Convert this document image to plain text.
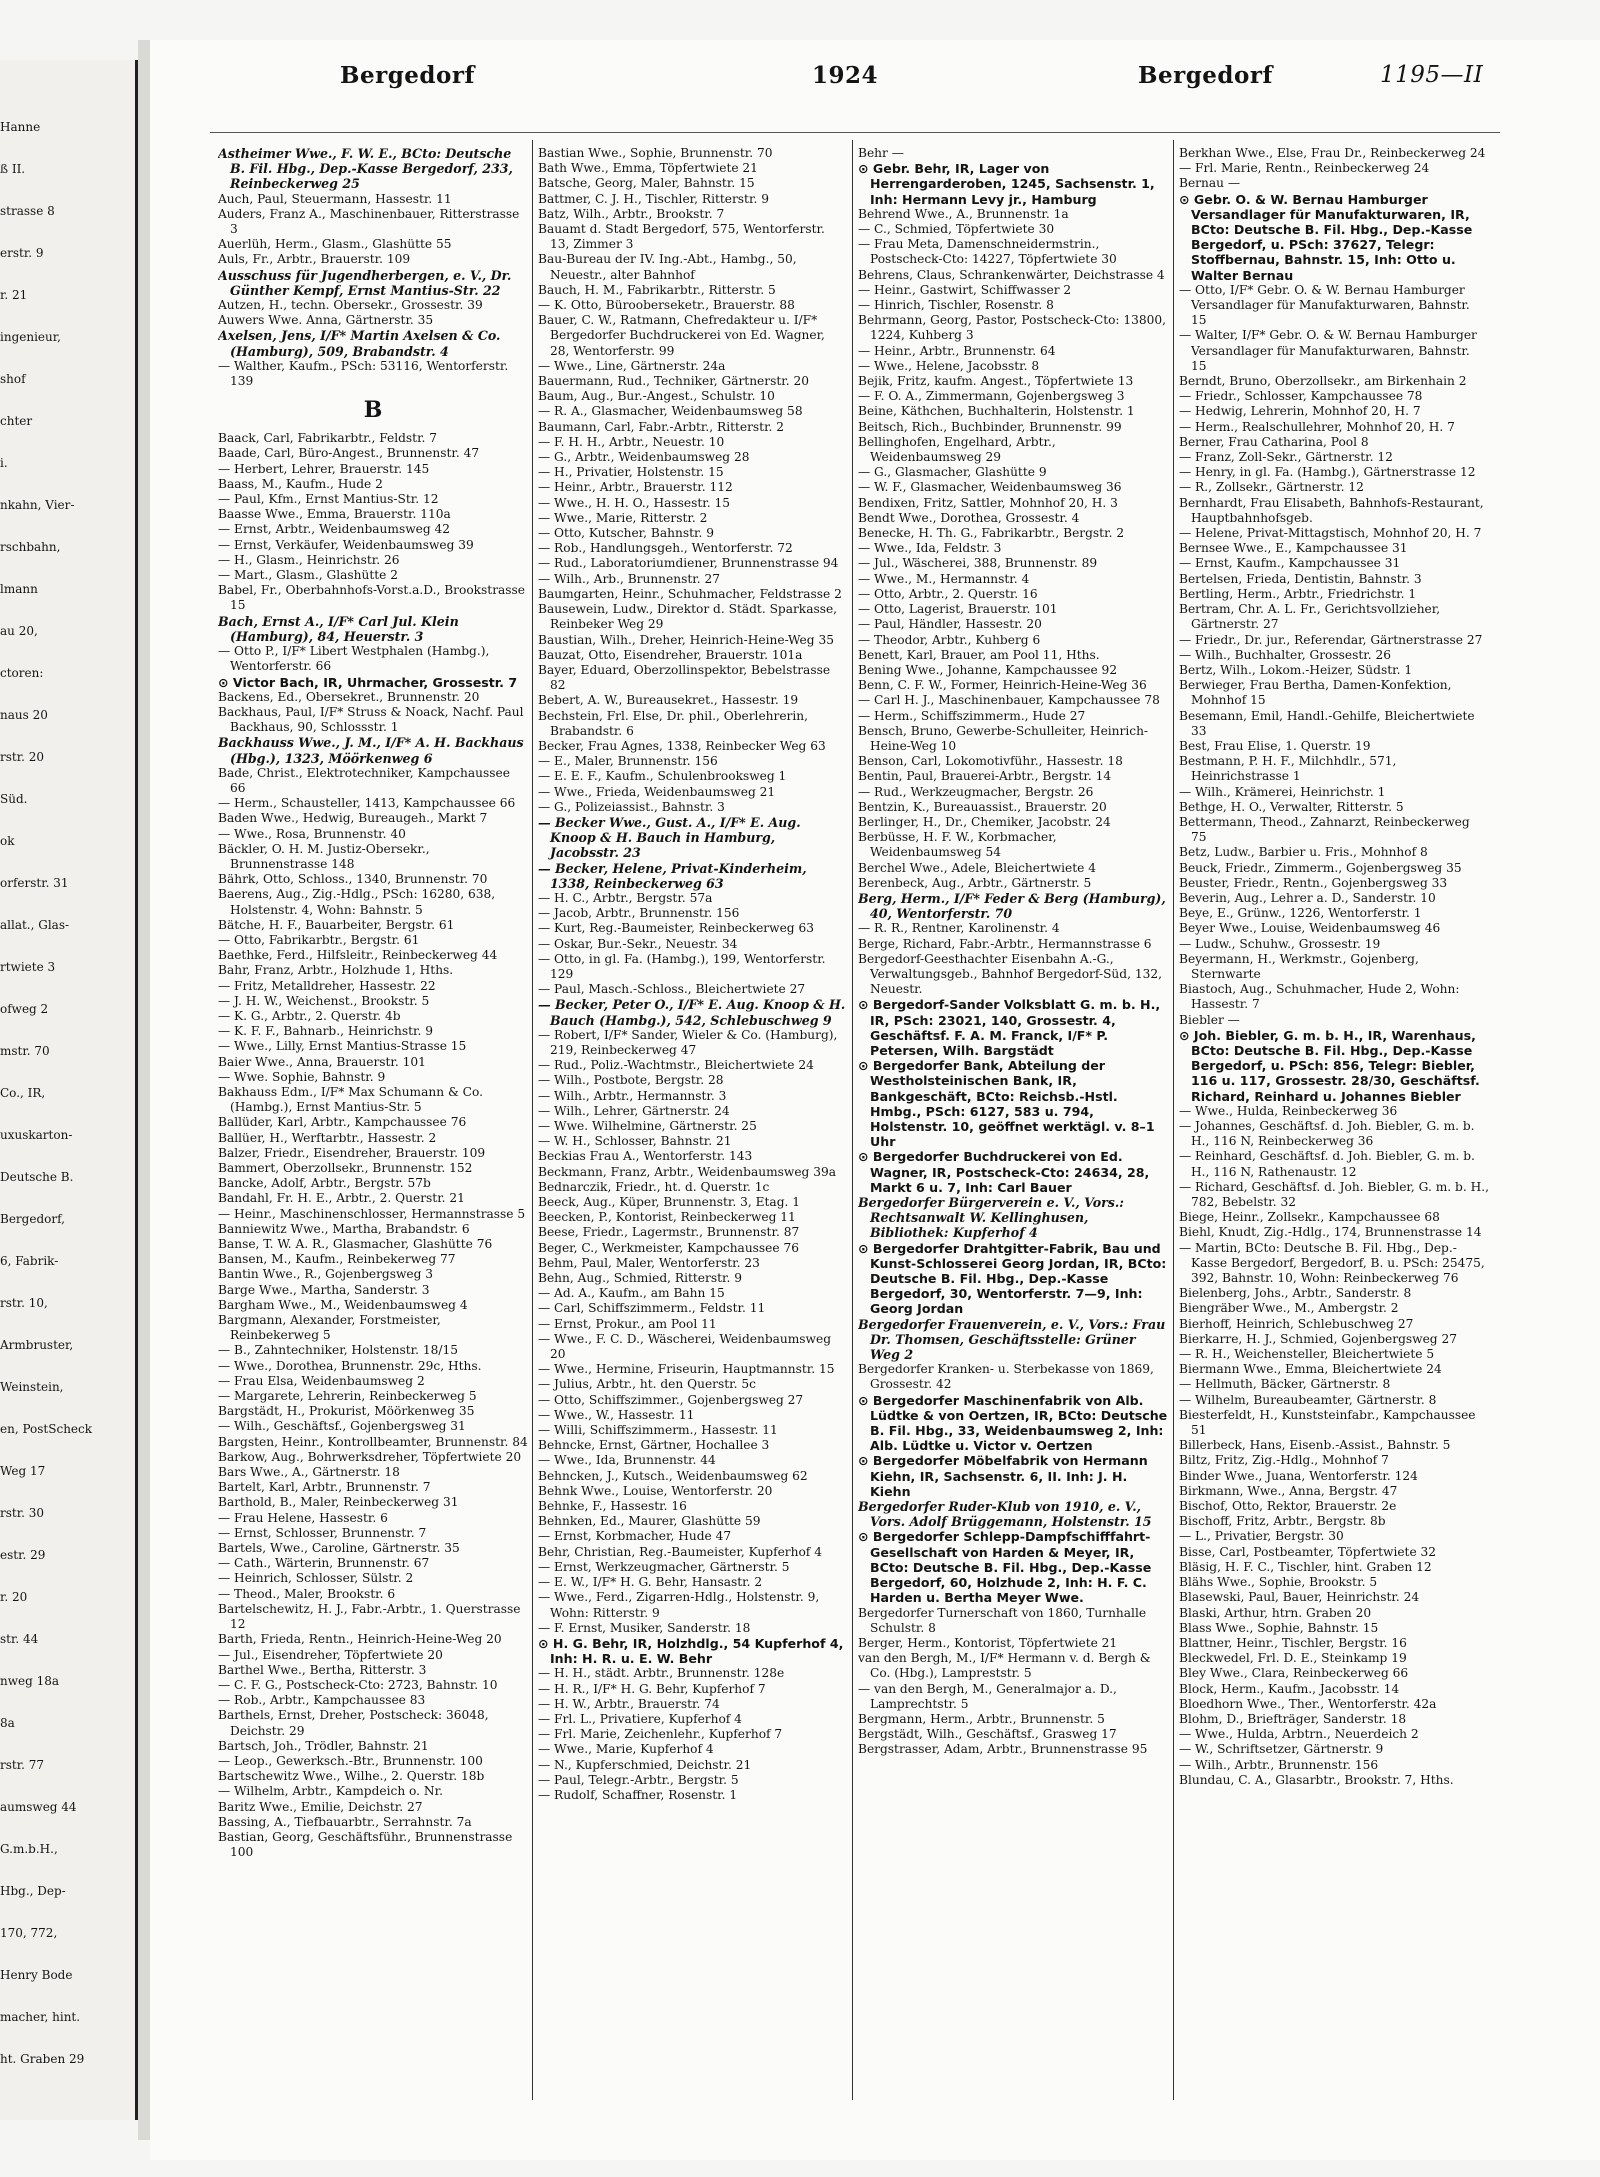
Hanne
ß II.
strasse 8
erstr. 9
r. 21
ingenieur,
shof
chter
i.
nkahn, Vier-
rschbahn,
lmann
au 20,
ctoren:
naus 20
rstr. 20
Süd.
ok
orferstr. 31
allat., Glas-
rtwiete 3
ofweg 2
mstr. 70
Co., IR,
uxuskarton-
Deutsche B.
Bergedorf,
6, Fabrik-
rstr. 10,
Armbruster,
Weinstein,
en, PostScheck
Weg 17
rstr. 30
estr. 29
r. 20
str. 44
nweg 18a
8a
rstr. 77
aumsweg 44
G.m.b.H.,
Hbg., Dep-
170, 772,
Henry Bode
macher, hint.
ht. Graben 29
Bergedorf	1924	Bergedorf	1195—II
Astheimer Wwe., F. W. E., BCto: Deutsche B. Fil. Hbg., Dep.-Kasse Bergedorf, 233, Reinbeckerweg 25
Auch, Paul, Steuermann, Hassestr. 11
Auders, Franz A., Maschinenbauer, Ritterstrasse 3
Auerlüh, Herm., Glasm., Glashütte 55
Auls, Fr., Arbtr., Brauerstr. 109
Ausschuss für Jugendherbergen, e. V., Dr. Günther Kempf, Ernst Mantius-Str. 22
Autzen, H., techn. Obersekr., Grossestr. 39
Auwers Wwe. Anna, Gärtnerstr. 35
Axelsen, Jens, I/F* Martin Axelsen & Co. (Hamburg), 509, Brabandstr. 4
— Walther, Kaufm., PSch: 53116, Wentorferstr. 139
B
Baack, Carl, Fabrikarbtr., Feldstr. 7
Baade, Carl, Büro-Angest., Brunnenstr. 47
— Herbert, Lehrer, Brauerstr. 145
Baass, M., Kaufm., Hude 2
— Paul, Kfm., Ernst Mantius-Str. 12
Baasse Wwe., Emma, Brauerstr. 110a
— Ernst, Arbtr., Weidenbaumsweg 42
— Ernst, Verkäufer, Weidenbaumsweg 39
— H., Glasm., Heinrichstr. 26
— Mart., Glasm., Glashütte 2
Babel, Fr., Oberbahnhofs-Vorst.a.D., Brookstrasse 15
Bach, Ernst A., I/F* Carl Jul. Klein (Hamburg), 84, Heuerstr. 3
— Otto P., I/F* Libert Westphalen (Hambg.), Wentorferstr. 66
⊙ Victor Bach, IR, Uhrmacher, Grossestr. 7
Backens, Ed., Obersekret., Brunnenstr. 20
Backhaus, Paul, I/F* Struss & Noack, Nachf. Paul Backhaus, 90, Schlossstr. 1
Backhauss Wwe., J. M., I/F* A. H. Backhaus (Hbg.), 1323, Möörkenweg 6
Bade, Christ., Elektrotechniker, Kampchaussee 66
— Herm., Schausteller, 1413, Kampchaussee 66
Baden Wwe., Hedwig, Bureaugeh., Markt 7
— Wwe., Rosa, Brunnenstr. 40
Bäckler, O. H. M. Justiz-Obersekr., Brunnenstrasse 148
Bährk, Otto, Schloss., 1340, Brunnenstr. 70
Baerens, Aug., Zig.-Hdlg., PSch: 16280, 638, Holstenstr. 4, Wohn: Bahnstr. 5
Bätche, H. F., Bauarbeiter, Bergstr. 61
— Otto, Fabrikarbtr., Bergstr. 61
Baethke, Ferd., Hilfsleitr., Reinbeckerweg 44
Bahr, Franz, Arbtr., Holzhude 1, Hths.
— Fritz, Metalldreher, Hassestr. 22
— J. H. W., Weichenst., Brookstr. 5
— K. G., Arbtr., 2. Querstr. 4b
— K. F. F., Bahnarb., Heinrichstr. 9
— Wwe., Lilly, Ernst Mantius-Strasse 15
Baier Wwe., Anna, Brauerstr. 101
— Wwe. Sophie, Bahnstr. 9
Bakhauss Edm., I/F* Max Schumann & Co. (Hambg.), Ernst Mantius-Str. 5
Ballüder, Karl, Arbtr., Kampchaussee 76
Ballüer, H., Werftarbtr., Hassestr. 2
Balzer, Friedr., Eisendreher, Brauerstr. 109
Bammert, Oberzollsekr., Brunnenstr. 152
Bancke, Adolf, Arbtr., Bergstr. 57b
Bandahl, Fr. H. E., Arbtr., 2. Querstr. 21
— Heinr., Maschinenschlosser, Hermannstrasse 5
Banniewitz Wwe., Martha, Brabandstr. 6
Banse, T. W. A. R., Glasmacher, Glashütte 76
Bansen, M., Kaufm., Reinbekerweg 77
Bantin Wwe., R., Gojenbergsweg 3
Barge Wwe., Martha, Sanderstr. 3
Bargham Wwe., M., Weidenbaumsweg 4
Bargmann, Alexander, Forstmeister, Reinbekerweg 5
— B., Zahntechniker, Holstenstr. 18/15
— Wwe., Dorothea, Brunnenstr. 29c, Hths.
— Frau Elsa, Weidenbaumsweg 2
— Margarete, Lehrerin, Reinbeckerweg 5
Bargstädt, H., Prokurist, Möörkenweg 35
— Wilh., Geschäftsf., Gojenbergsweg 31
Bargsten, Heinr., Kontrollbeamter, Brunnenstr. 84
Barkow, Aug., Bohrwerksdreher, Töpfertwiete 20
Bars Wwe., A., Gärtnerstr. 18
Bartelt, Karl, Arbtr., Brunnenstr. 7
Barthold, B., Maler, Reinbeckerweg 31
— Frau Helene, Hassestr. 6
— Ernst, Schlosser, Brunnenstr. 7
Bartels, Wwe., Caroline, Gärtnerstr. 35
— Cath., Wärterin, Brunnenstr. 67
— Heinrich, Schlosser, Sülstr. 2
— Theod., Maler, Brookstr. 6
Bartelschewitz, H. J., Fabr.-Arbtr., 1. Querstrasse 12
Barth, Frieda, Rentn., Heinrich-Heine-Weg 20
— Jul., Eisendreher, Töpfertwiete 20
Barthel Wwe., Bertha, Ritterstr. 3
— C. F. G., Postscheck-Cto: 2723, Bahnstr. 10
— Rob., Arbtr., Kampchaussee 83
Barthels, Ernst, Dreher, Postscheck: 36048, Deichstr. 29
Bartsch, Joh., Trödler, Bahnstr. 21
— Leop., Gewerksch.-Btr., Brunnenstr. 100
Bartschewitz Wwe., Wilhe., 2. Querstr. 18b
— Wilhelm, Arbtr., Kampdeich o. Nr.
Baritz Wwe., Emilie, Deichstr. 27
Bassing, A., Tiefbauarbtr., Serrahnstr. 7a
Bastian, Georg, Geschäftsführ., Brunnenstrasse 100
Bastian Wwe., Sophie, Brunnenstr. 70
Bath Wwe., Emma, Töpfertwiete 21
Batsche, Georg, Maler, Bahnstr. 15
Battmer, C. J. H., Tischler, Ritterstr. 9
Batz, Wilh., Arbtr., Brookstr. 7
Bauamt d. Stadt Bergedorf, 575, Wentorferstr. 13, Zimmer 3
Bau-Bureau der IV. Ing.-Abt., Hambg., 50, Neuestr., alter Bahnhof
Bauch, H. M., Fabrikarbtr., Ritterstr. 5
— K. Otto, Bürooberseketr., Brauerstr. 88
Bauer, C. W., Ratmann, Chefredakteur u. I/F* Bergedorfer Buchdruckerei von Ed. Wagner, 28, Wentorferstr. 99
— Wwe., Line, Gärtnerstr. 24a
Bauermann, Rud., Techniker, Gärtnerstr. 20
Baum, Aug., Bur.-Angest., Schulstr. 10
— R. A., Glasmacher, Weidenbaumsweg 58
Baumann, Carl, Fabr.-Arbtr., Ritterstr. 2
— F. H. H., Arbtr., Neuestr. 10
— G., Arbtr., Weidenbaumsweg 28
— H., Privatier, Holstenstr. 15
— Heinr., Arbtr., Brauerstr. 112
— Wwe., H. H. O., Hassestr. 15
— Wwe., Marie, Ritterstr. 2
— Otto, Kutscher, Bahnstr. 9
— Rob., Handlungsgeh., Wentorferstr. 72
— Rud., Laboratoriumdiener, Brunnenstrasse 94
— Wilh., Arb., Brunnenstr. 27
Baumgarten, Heinr., Schuhmacher, Feldstrasse 2
Bausewein, Ludw., Direktor d. Städt. Sparkasse, Reinbeker Weg 29
Baustian, Wilh., Dreher, Heinrich-Heine-Weg 35
Bauzat, Otto, Eisendreher, Brauerstr. 101a
Bayer, Eduard, Oberzollinspektor, Bebelstrasse 82
Bebert, A. W., Bureausekret., Hassestr. 19
Bechstein, Frl. Else, Dr. phil., Oberlehrerin, Brabandstr. 6
Becker, Frau Agnes, 1338, Reinbecker Weg 63
— E., Maler, Brunnenstr. 156
— E. E. F., Kaufm., Schulenbrooksweg 1
— Wwe., Frieda, Weidenbaumsweg 21
— G., Polizeiassist., Bahnstr. 3
— Becker Wwe., Gust. A., I/F* E. Aug. Knoop & H. Bauch in Hamburg, Jacobsstr. 23
— Becker, Helene, Privat-Kinderheim, 1338, Reinbeckerweg 63
— H. C., Arbtr., Bergstr. 57a
— Jacob, Arbtr., Brunnenstr. 156
— Kurt, Reg.-Baumeister, Reinbeckerweg 63
— Oskar, Bur.-Sekr., Neuestr. 34
— Otto, in gl. Fa. (Hambg.), 199, Wentorferstr. 129
— Paul, Masch.-Schloss., Bleichertwiete 27
— Becker, Peter O., I/F* E. Aug. Knoop & H. Bauch (Hambg.), 542, Schlebuschweg 9
— Robert, I/F* Sander, Wieler & Co. (Hamburg), 219, Reinbeckerweg 47
— Rud., Poliz.-Wachtmstr., Bleichertwiete 24
— Wilh., Postbote, Bergstr. 28
— Wilh., Arbtr., Hermannstr. 3
— Wilh., Lehrer, Gärtnerstr. 24
— Wwe. Wilhelmine, Gärtnerstr. 25
— W. H., Schlosser, Bahnstr. 21
Beckias Frau A., Wentorferstr. 143
Beckmann, Franz, Arbtr., Weidenbaumsweg 39a
Bednarczik, Friedr., ht. d. Querstr. 1c
Beeck, Aug., Küper, Brunnenstr. 3, Etag. 1
Beecken, P., Kontorist, Reinbeckerweg 11
Beese, Friedr., Lagermstr., Brunnenstr. 87
Beger, C., Werkmeister, Kampchaussee 76
Behm, Paul, Maler, Wentorferstr. 23
Behn, Aug., Schmied, Ritterstr. 9
— Ad. A., Kaufm., am Bahn 15
— Carl, Schiffszimmerm., Feldstr. 11
— Ernst, Prokur., am Pool 11
— Wwe., F. C. D., Wäscherei, Weidenbaumsweg 20
— Wwe., Hermine, Friseurin, Hauptmannstr. 15
— Julius, Arbtr., ht. den Querstr. 5c
— Otto, Schiffszimmer., Gojenbergsweg 27
— Wwe., W., Hassestr. 11
— Willi, Schiffszimmerm., Hassestr. 11
Behncke, Ernst, Gärtner, Hochallee 3
— Wwe., Ida, Brunnenstr. 44
Behncken, J., Kutsch., Weidenbaumsweg 62
Behnk Wwe., Louise, Wentorferstr. 20
Behnke, F., Hassestr. 16
Behnken, Ed., Maurer, Glashütte 59
— Ernst, Korbmacher, Hude 47
Behr, Christian, Reg.-Baumeister, Kupferhof 4
— Ernst, Werkzeugmacher, Gärtnerstr. 5
— E. W., I/F* H. G. Behr, Hansastr. 2
— Wwe., Ferd., Zigarren-Hdlg., Holstenstr. 9, Wohn: Ritterstr. 9
— F. Ernst, Musiker, Sanderstr. 18
⊙ H. G. Behr, IR, Holzhdlg., 54 Kupferhof 4, Inh: H. R. u. E. W. Behr
— H. H., städt. Arbtr., Brunnenstr. 128e
— H. R., I/F* H. G. Behr, Kupferhof 7
— H. W., Arbtr., Brauerstr. 74
— Frl. L., Privatiere, Kupferhof 4
— Frl. Marie, Zeichenlehr., Kupferhof 7
— Wwe., Marie, Kupferhof 4
— N., Kupferschmied, Deichstr. 21
— Paul, Telegr.-Arbtr., Bergstr. 5
— Rudolf, Schaffner, Rosenstr. 1
Behr —
⊙ Gebr. Behr, IR, Lager von Herrengarderoben, 1245, Sachsenstr. 1, Inh: Hermann Levy jr., Hamburg
Behrend Wwe., A., Brunnenstr. 1a
— C., Schmied, Töpfertwiete 30
— Frau Meta, Damenschneidermstrin., Postscheck-Cto: 14227, Töpfertwiete 30
Behrens, Claus, Schrankenwärter, Deichstrasse 4
— Heinr., Gastwirt, Schiffwasser 2
— Hinrich, Tischler, Rosenstr. 8
Behrmann, Georg, Pastor, Postscheck-Cto: 13800, 1224, Kuhberg 3
— Heinr., Arbtr., Brunnenstr. 64
— Wwe., Helene, Jacobsstr. 8
Bejik, Fritz, kaufm. Angest., Töpfertwiete 13
— F. O. A., Zimmermann, Gojenbergsweg 3
Beine, Käthchen, Buchhalterin, Holstenstr. 1
Beitsch, Rich., Buchbinder, Brunnenstr. 99
Bellinghofen, Engelhard, Arbtr., Weidenbaumsweg 29
— G., Glasmacher, Glashütte 9
— W. F., Glasmacher, Weidenbaumsweg 36
Bendixen, Fritz, Sattler, Mohnhof 20, H. 3
Bendt Wwe., Dorothea, Grossestr. 4
Benecke, H. Th. G., Fabrikarbtr., Bergstr. 2
— Wwe., Ida, Feldstr. 3
— Jul., Wäscherei, 388, Brunnenstr. 89
— Wwe., M., Hermannstr. 4
— Otto, Arbtr., 2. Querstr. 16
— Otto, Lagerist, Brauerstr. 101
— Paul, Händler, Hassestr. 20
— Theodor, Arbtr., Kuhberg 6
Benett, Karl, Brauer, am Pool 11, Hths.
Bening Wwe., Johanne, Kampchaussee 92
Benn, C. F. W., Former, Heinrich-Heine-Weg 36
— Carl H. J., Maschinenbauer, Kampchaussee 78
— Herm., Schiffszimmerm., Hude 27
Bensch, Bruno, Gewerbe-Schulleiter, Heinrich-Heine-Weg 10
Benson, Carl, Lokomotivführ., Hassestr. 18
Bentin, Paul, Brauerei-Arbtr., Bergstr. 14
— Rud., Werkzeugmacher, Bergstr. 26
Bentzin, K., Bureauassist., Brauerstr. 20
Berlinger, H., Dr., Chemiker, Jacobstr. 24
Berbüsse, H. F. W., Korbmacher, Weidenbaumsweg 54
Berchel Wwe., Adele, Bleichertwiete 4
Berenbeck, Aug., Arbtr., Gärtnerstr. 5
Berg, Herm., I/F* Feder & Berg (Hamburg), 40, Wentorferstr. 70
— R. R., Rentner, Karolinenstr. 4
Berge, Richard, Fabr.-Arbtr., Hermannstrasse 6
Bergedorf-Geesthachter Eisenbahn A.-G., Verwaltungsgeb., Bahnhof Bergedorf-Süd, 132, Neuestr.
⊙ Bergedorf-Sander Volksblatt G. m. b. H., IR, PSch: 23021, 140, Grossestr. 4, Geschäftsf. F. A. M. Franck, I/F* P. Petersen, Wilh. Bargstädt
⊙ Bergedorfer Bank, Abteilung der Westholsteinischen Bank, IR, Bankgeschäft, BCto: Reichsb.-Hstl. Hmbg., PSch: 6127, 583 u. 794, Holstenstr. 10, geöffnet werktägl. v. 8–1 Uhr
⊙ Bergedorfer Buchdruckerei von Ed. Wagner, IR, Postscheck-Cto: 24634, 28, Markt 6 u. 7, Inh: Carl Bauer
Bergedorfer Bürgerverein e. V., Vors.: Rechtsanwalt W. Kellinghusen, Bibliothek: Kupferhof 4
⊙ Bergedorfer Drahtgitter-Fabrik, Bau und Kunst-Schlosserei Georg Jordan, IR, BCto: Deutsche B. Fil. Hbg., Dep.-Kasse Bergedorf, 30, Wentorferstr. 7—9, Inh: Georg Jordan
Bergedorfer Frauenverein, e. V., Vors.: Frau Dr. Thomsen, Geschäftsstelle: Grüner Weg 2
Bergedorfer Kranken- u. Sterbekasse von 1869, Grossestr. 42
⊙ Bergedorfer Maschinenfabrik von Alb. Lüdtke & von Oertzen, IR, BCto: Deutsche B. Fil. Hbg., 33, Weidenbaumsweg 2, Inh: Alb. Lüdtke u. Victor v. Oertzen
⊙ Bergedorfer Möbelfabrik von Hermann Kiehn, IR, Sachsenstr. 6, II. Inh: J. H. Kiehn
Bergedorfer Ruder-Klub von 1910, e. V., Vors. Adolf Brüggemann, Holstenstr. 15
⊙ Bergedorfer Schlepp-Dampfschifffahrt-Gesellschaft von Harden & Meyer, IR, BCto: Deutsche B. Fil. Hbg., Dep.-Kasse Bergedorf, 60, Holzhude 2, Inh: H. F. C. Harden u. Bertha Meyer Wwe.
Bergedorfer Turnerschaft von 1860, Turnhalle Schulstr. 8
Berger, Herm., Kontorist, Töpfertwiete 21
van den Bergh, M., I/F* Hermann v. d. Bergh & Co. (Hbg.), Lampreststr. 5
— van den Bergh, M., Generalmajor a. D., Lamprechtstr. 5
Bergmann, Herm., Arbtr., Brunnenstr. 5
Bergstädt, Wilh., Geschäftsf., Grasweg 17
Bergstrasser, Adam, Arbtr., Brunnenstrasse 95
Berkhan Wwe., Else, Frau Dr., Reinbeckerweg 24
— Frl. Marie, Rentn., Reinbeckerweg 24
Bernau —
⊙ Gebr. O. & W. Bernau Hamburger Versandlager für Manufakturwaren, IR, BCto: Deutsche B. Fil. Hbg., Dep.-Kasse Bergedorf, u. PSch: 37627, Telegr: Stoffbernau, Bahnstr. 15, Inh: Otto u. Walter Bernau
— Otto, I/F* Gebr. O. & W. Bernau Hamburger Versandlager für Manufakturwaren, Bahnstr. 15
— Walter, I/F* Gebr. O. & W. Bernau Hamburger Versandlager für Manufakturwaren, Bahnstr. 15
Berndt, Bruno, Oberzollsekr., am Birkenhain 2
— Friedr., Schlosser, Kampchaussee 78
— Hedwig, Lehrerin, Mohnhof 20, H. 7
— Herm., Realschullehrer, Mohnhof 20, H. 7
Berner, Frau Catharina, Pool 8
— Franz, Zoll-Sekr., Gärtnerstr. 12
— Henry, in gl. Fa. (Hambg.), Gärtnerstrasse 12
— R., Zollsekr., Gärtnerstr. 12
Bernhardt, Frau Elisabeth, Bahnhofs-Restaurant, Hauptbahnhofsgeb.
— Helene, Privat-Mittagstisch, Mohnhof 20, H. 7
Bernsee Wwe., E., Kampchaussee 31
— Ernst, Kaufm., Kampchaussee 31
Bertelsen, Frieda, Dentistin, Bahnstr. 3
Bertling, Herm., Arbtr., Friedrichstr. 1
Bertram, Chr. A. L. Fr., Gerichtsvollzieher, Gärtnerstr. 27
— Friedr., Dr. jur., Referendar, Gärtnerstrasse 27
— Wilh., Buchhalter, Grossestr. 26
Bertz, Wilh., Lokom.-Heizer, Südstr. 1
Berwieger, Frau Bertha, Damen-Konfektion, Mohnhof 15
Besemann, Emil, Handl.-Gehilfe, Bleichertwiete 33
Best, Frau Elise, 1. Querstr. 19
Bestmann, P. H. F., Milchhdlr., 571, Heinrichstrasse 1
— Wilh., Krämerei, Heinrichstr. 1
Bethge, H. O., Verwalter, Ritterstr. 5
Bettermann, Theod., Zahnarzt, Reinbeckerweg 75
Betz, Ludw., Barbier u. Fris., Mohnhof 8
Beuck, Friedr., Zimmerm., Gojenbergsweg 35
Beuster, Friedr., Rentn., Gojenbergsweg 33
Beverin, Aug., Lehrer a. D., Sanderstr. 10
Beye, E., Grünw., 1226, Wentorferstr. 1
Beyer Wwe., Louise, Weidenbaumsweg 46
— Ludw., Schuhw., Grossestr. 19
Beyermann, H., Werkmstr., Gojenberg, Sternwarte
Biastoch, Aug., Schuhmacher, Hude 2, Wohn: Hassestr. 7
Biebler —
⊙ Joh. Biebler, G. m. b. H., IR, Warenhaus, BCto: Deutsche B. Fil. Hbg., Dep.-Kasse Bergedorf, u. PSch: 856, Telegr: Biebler, 116 u. 117, Grossestr. 28/30, Geschäftsf. Richard, Reinhard u. Johannes Biebler
— Wwe., Hulda, Reinbeckerweg 36
— Johannes, Geschäftsf. d. Joh. Biebler, G. m. b. H., 116 N, Reinbeckerweg 36
— Reinhard, Geschäftsf. d. Joh. Biebler, G. m. b. H., 116 N, Rathenaustr. 12
— Richard, Geschäftsf. d. Joh. Biebler, G. m. b. H., 782, Bebelstr. 32
Biege, Heinr., Zollsekr., Kampchaussee 68
Biehl, Knudt, Zig.-Hdlg., 174, Brunnenstrasse 14
— Martin, BCto: Deutsche B. Fil. Hbg., Dep.-Kasse Bergedorf, Bergedorf, B. u. PSch: 25475, 392, Bahnstr. 10, Wohn: Reinbeckerweg 76
Bielenberg, Johs., Arbtr., Sanderstr. 8
Biengräber Wwe., M., Ambergstr. 2
Bierhoff, Heinrich, Schlebuschweg 27
Bierkarre, H. J., Schmied, Gojenbergsweg 27
— R. H., Weichensteller, Bleichertwiete 5
Biermann Wwe., Emma, Bleichertwiete 24
— Hellmuth, Bäcker, Gärtnerstr. 8
— Wilhelm, Bureaubeamter, Gärtnerstr. 8
Biesterfeldt, H., Kunststeinfabr., Kampchaussee 51
Billerbeck, Hans, Eisenb.-Assist., Bahnstr. 5
Biltz, Fritz, Zig.-Hdlg., Mohnhof 7
Binder Wwe., Juana, Wentorferstr. 124
Birkmann, Wwe., Anna, Bergstr. 47
Bischof, Otto, Rektor, Brauerstr. 2e
Bischoff, Fritz, Arbtr., Bergstr. 8b
— L., Privatier, Bergstr. 30
Bisse, Carl, Postbeamter, Töpfertwiete 32
Bläsig, H. F. C., Tischler, hint. Graben 12
Blähs Wwe., Sophie, Brookstr. 5
Blasewski, Paul, Bauer, Heinrichstr. 24
Blaski, Arthur, htrn. Graben 20
Blass Wwe., Sophie, Bahnstr. 15
Blattner, Heinr., Tischler, Bergstr. 16
Bleckwedel, Frl. D. E., Steinkamp 19
Bley Wwe., Clara, Reinbeckerweg 66
Block, Herm., Kaufm., Jacobsstr. 14
Bloedhorn Wwe., Ther., Wentorferstr. 42a
Blohm, D., Briefträger, Sanderstr. 18
— Wwe., Hulda, Arbtrn., Neuerdeich 2
— W., Schriftsetzer, Gärtnerstr. 9
— Wilh., Arbtr., Brunnenstr. 156
Blundau, C. A., Glasarbtr., Brookstr. 7, Hths.
